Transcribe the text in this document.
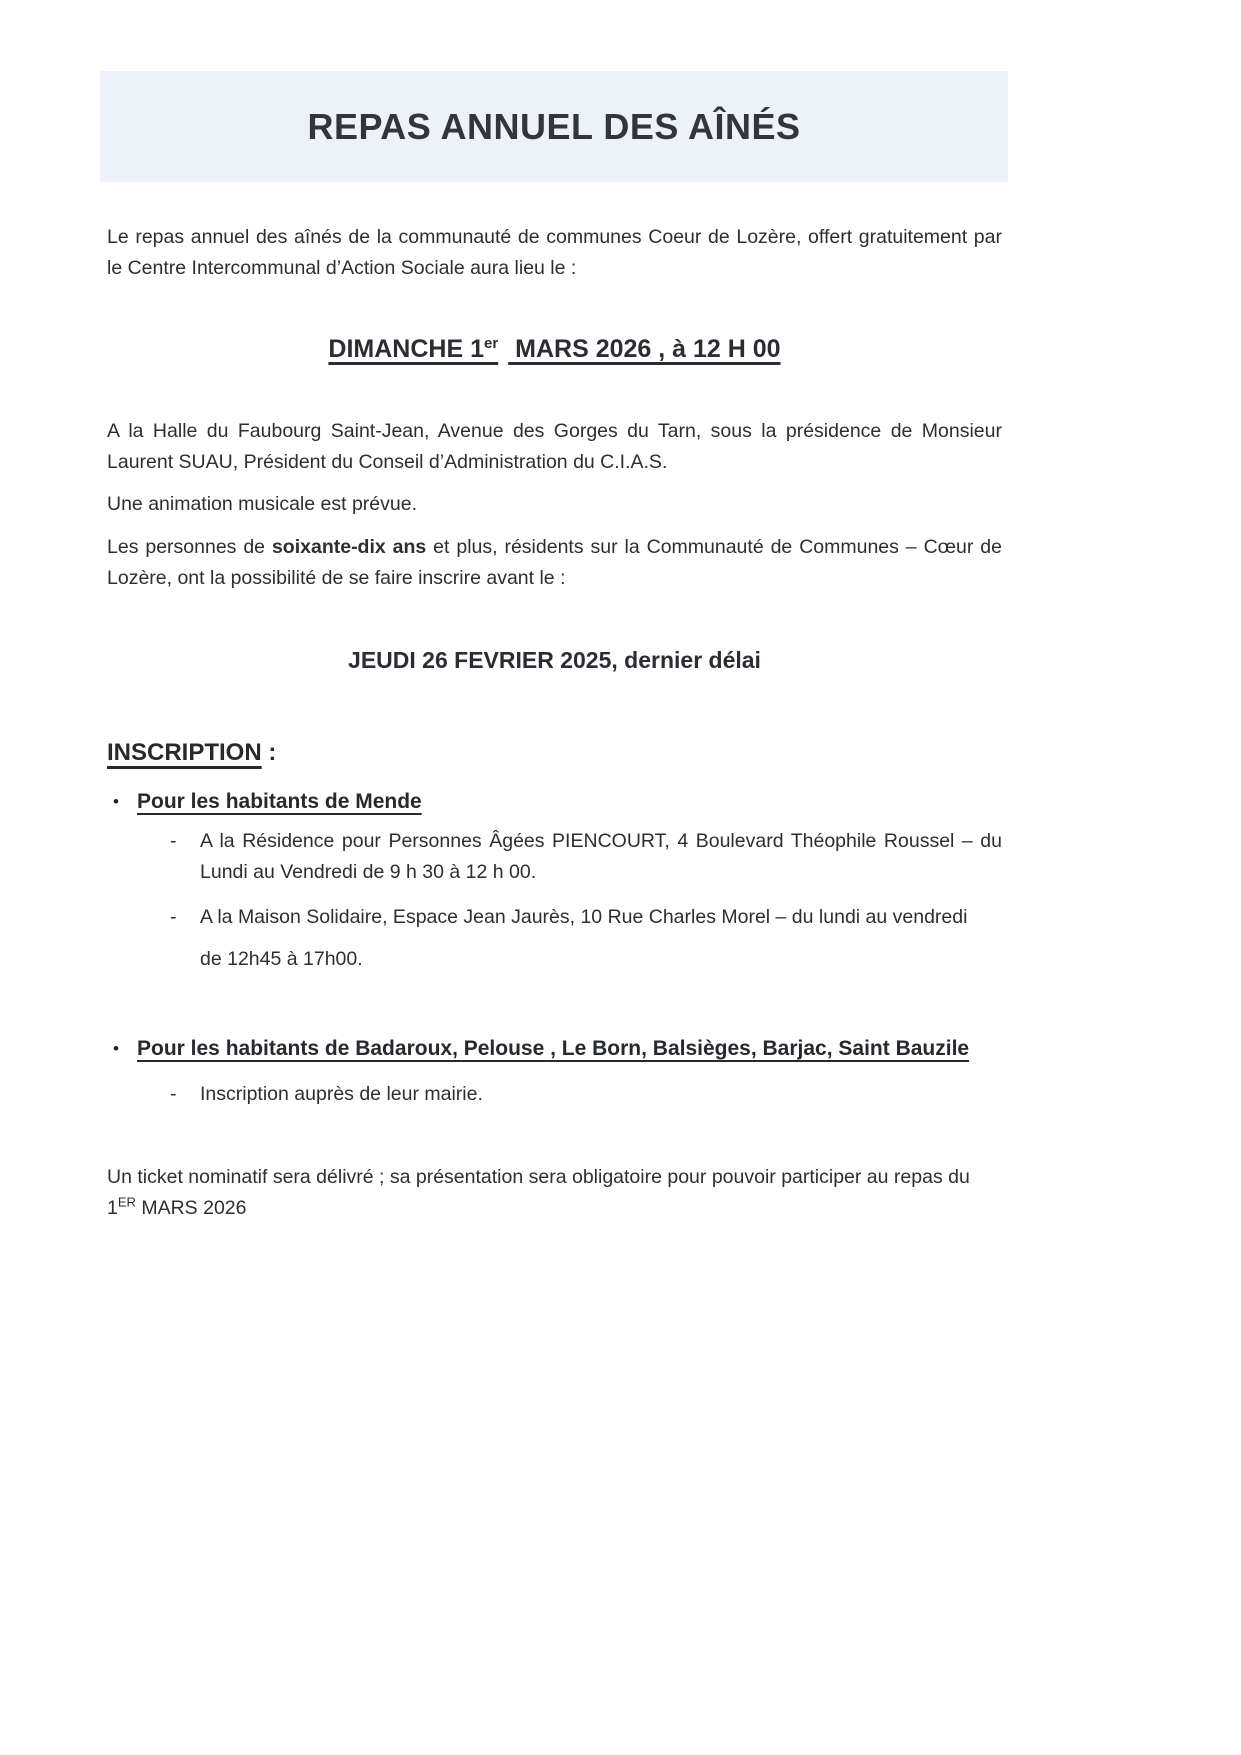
REPAS ANNUEL DES AÎNÉS
Le repas annuel des aînés de la communauté de communes Coeur de Lozère, offert gratuitement par le Centre Intercommunal d’Action Sociale aura lieu le :
DIMANCHE 1er MARS 2026 , à 12 H 00
A la Halle du Faubourg Saint-Jean, Avenue des Gorges du Tarn, sous la présidence de Monsieur Laurent SUAU, Président du Conseil d’Administration du C.I.A.S.
Une animation musicale est prévue.
Les personnes de soixante-dix ans et plus, résidents sur la Communauté de Communes – Cœur de Lozère, ont la possibilité de se faire inscrire avant le :
JEUDI 26 FEVRIER 2025, dernier délai
INSCRIPTION :
• Pour les habitants de Mende
-	A la Résidence pour Personnes Âgées PIENCOURT, 4 Boulevard Théophile Roussel – du Lundi au Vendredi de 9 h 30 à 12 h 00.
-	A la Maison Solidaire, Espace Jean Jaurès, 10 Rue Charles Morel – du lundi au vendredi
de 12h45 à 17h00.
• Pour les habitants de Badaroux, Pelouse , Le Born, Balsièges, Barjac, Saint Bauzile
-	Inscription auprès de leur mairie.
Un ticket nominatif sera délivré ; sa présentation sera obligatoire pour pouvoir participer au repas du
1ER MARS 2026
